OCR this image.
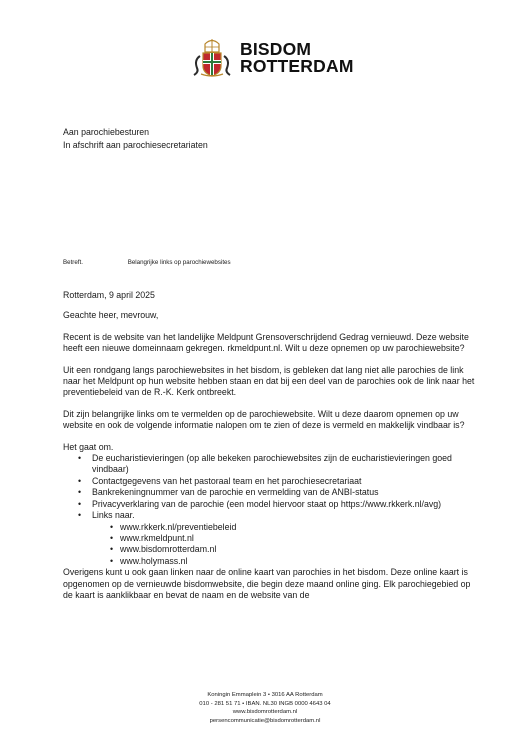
BISDOM
ROTTERDAM
Aan parochiebesturen
In afschrift aan parochiesecretariaten
Betreft.	Belangrijke links op parochiewebsites

Rotterdam, 9 april 2025

Geachte heer, mevrouw,

Recent is de website van het landelijke Meldpunt Grensoverschrijdend Gedrag vernieuwd. Deze website heeft een nieuwe domeinnaam gekregen. rkmeldpunt.nl. Wilt u deze opnemen op uw parochiewebsite?

Uit een rondgang langs parochiewebsites in het bisdom, is gebleken dat lang niet alle parochies de link naar het Meldpunt op hun website hebben staan en dat bij een deel van de parochies ook de link naar het preventiebeleid van de R.-K. Kerk ontbreekt.

Dit zijn belangrijke links om te vermelden op de parochiewebsite. Wilt u deze daarom opnemen op uw website en ook de volgende informatie nalopen om te zien of deze is vermeld en makkelijk vindbaar is?

Het gaat om.
• De eucharistievieringen (op alle bekeken parochiewebsites zijn de eucharistievieringen goed vindbaar)
• Contactgegevens van het pastoraal team en het parochiesecretariaat
• Bankrekeningnummer van de parochie en vermelding van de ANBI-status
• Privacyverklaring van de parochie (een model hiervoor staat op https://www.rkkerk.nl/avg)
• Links naar.
• www.rkkerk.nl/preventiebeleid
• www.rkmeldpunt.nl
• www.bisdomrotterdam.nl
• www.holymass.nl

Overigens kunt u ook gaan linken naar de online kaart van parochies in het bisdom. Deze online kaart is opgenomen op de vernieuwde bisdomwebsite, die begin deze maand online ging. Elk parochiegebied op de kaart is aanklikbaar en bevat de naam en de website van de

Koningin Emmaplein 3 • 3016 AA Rotterdam
010 - 281 51 71 • IBAN. NL30 INGB 0000 4643 04
www.bisdomrotterdam.nl
persencommunicatie@bisdomrotterdam.nl
